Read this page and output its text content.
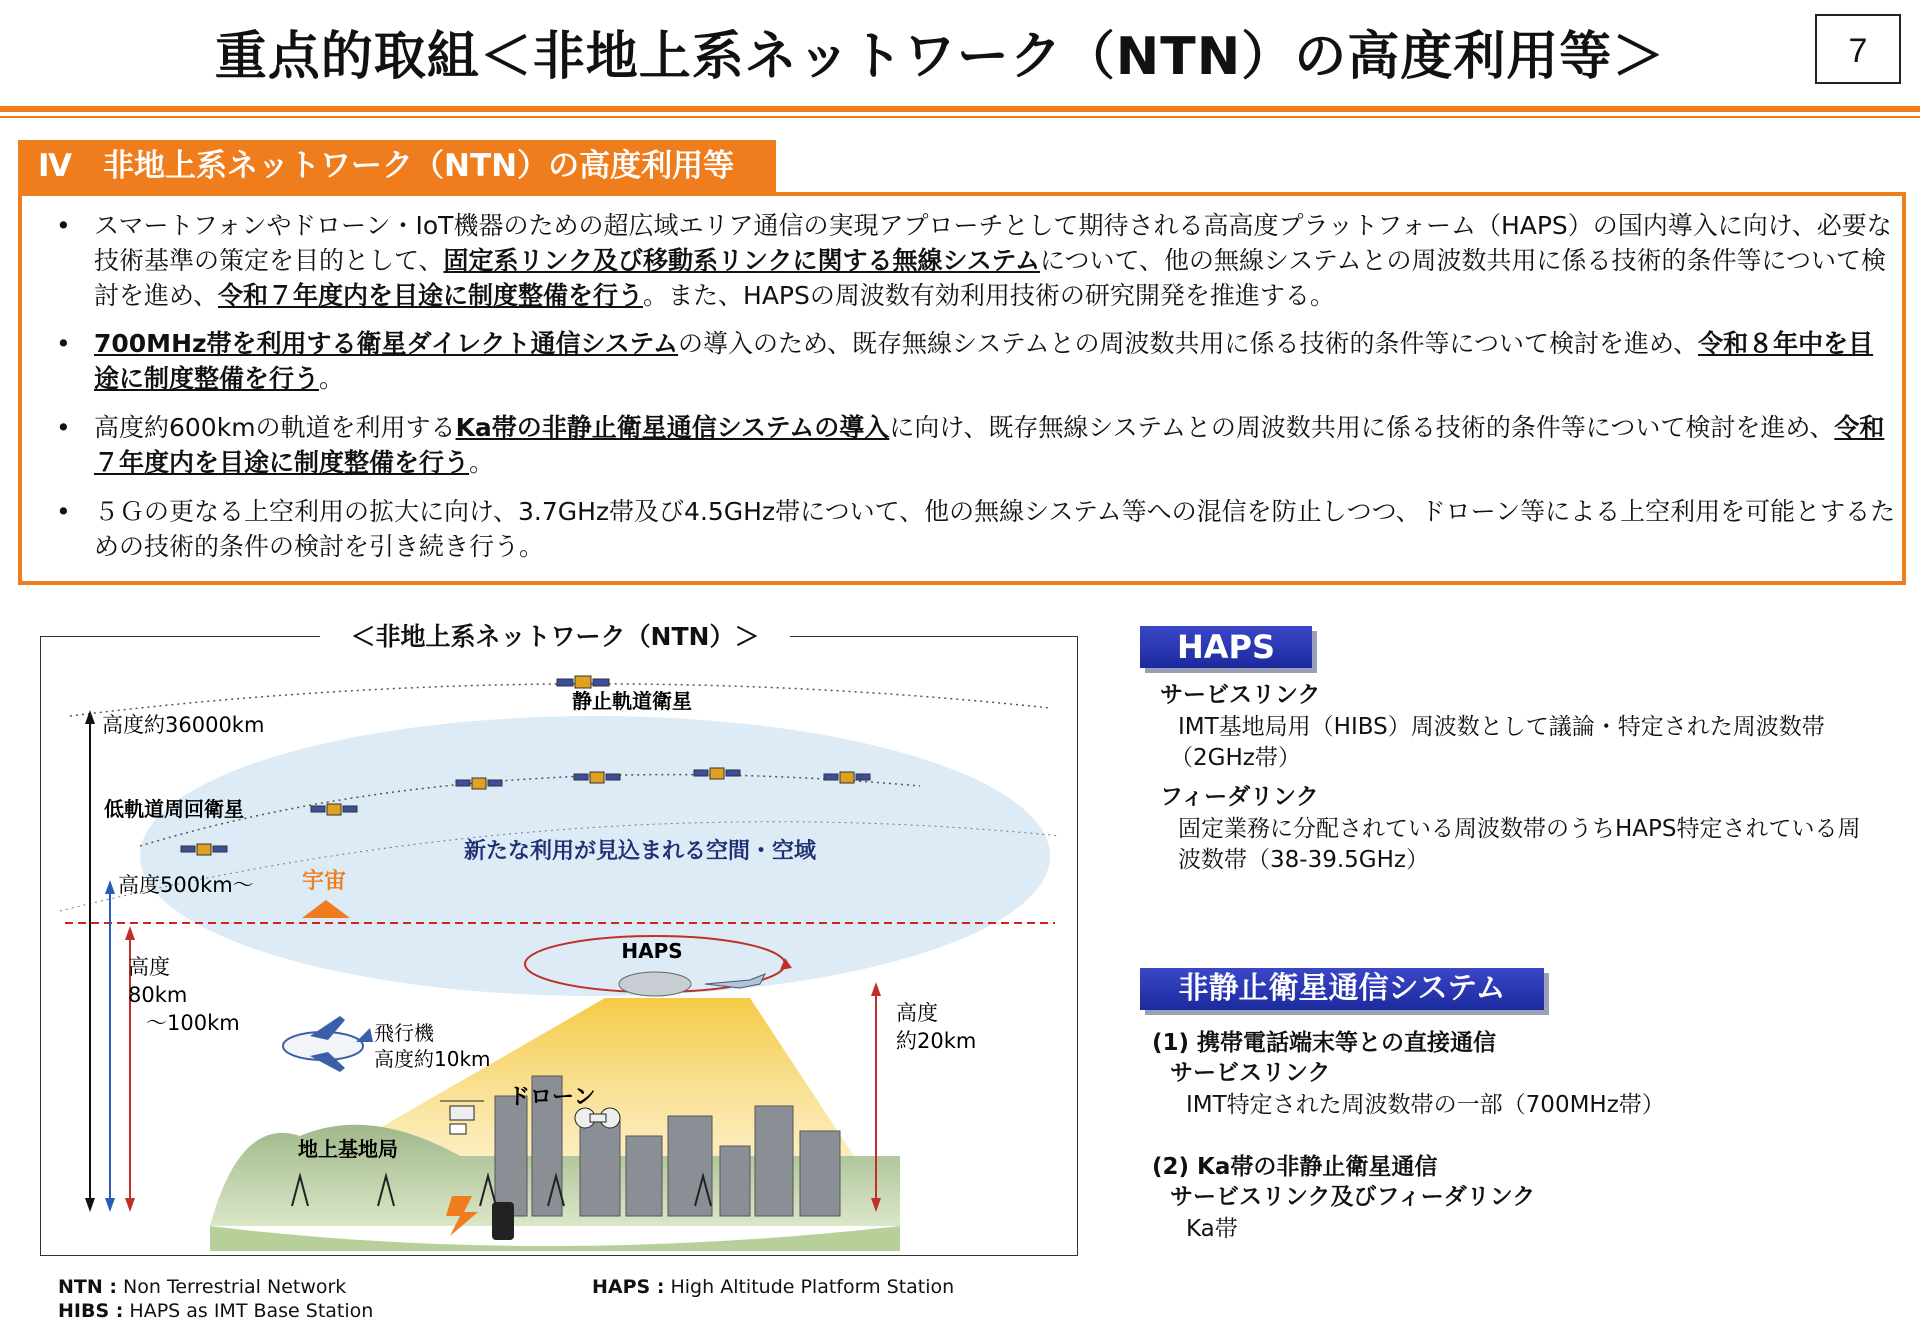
重点的取組＜非地上系ネットワーク（NTN）の高度利用等＞	7
Ⅳ　非地上系ネットワーク（NTN）の高度利用等
• スマートフォンやドローン・IoT機器のための超広域エリア通信の実現アプローチとして期待される高高度プラットフォーム（HAPS）の国内導入に向け、必要な技術基準の策定を目的として、固定系リンク及び移動系リンクに関する無線システムについて、他の無線システムとの周波数共用に係る技術的条件等について検討を進め、令和７年度内を目途に制度整備を行う。また、HAPSの周波数有効利用技術の研究開発を推進する。
• 700MHz帯を利用する衛星ダイレクト通信システムの導入のため、既存無線システムとの周波数共用に係る技術的条件等について検討を進め、令和８年中を目途に制度整備を行う。
• 高度約600kmの軌道を利用するKa帯の非静止衛星通信システムの導入に向け、既存無線システムとの周波数共用に係る技術的条件等について検討を進め、令和７年度内を目途に制度整備を行う。
• ５Ｇの更なる上空利用の拡大に向け、3.7GHz帯及び4.5GHz帯について、他の無線システム等への混信を防止しつつ、ドローン等による上空利用を可能とするための技術的条件の検討を引き続き行う。
静止軌道衛星
高度約36000km
低軌道周回衛星
新たな利用が見込まれる空間・空域
高度500km～ 宇宙
HAPS
高度
80km
～100km	飛行機
高度約10km
ドローン
地上基地局
高度
約20km
＜非地上系ネットワーク（NTN）＞	HAPS
サービスリンク
IMT基地局用（HIBS）周波数として議論・特定された周波数帯
（2GHz帯）
フィーダリンク
固定業務に分配されている周波数帯のうちHAPS特定されている周
波数帯（38-39.5GHz）
非静止衛星通信システム
(1) 携帯電話端末等との直接通信
サービスリンク
IMT特定された周波数帯の一部（700MHz帯）
(2) Ka帯の非静止衛星通信
サービスリンク及びフィーダリンク
Ka帯
NTN : Non Terrestrial Network
HIBS : HAPS as IMT Base Station
HAPS : High Altitude Platform Station
